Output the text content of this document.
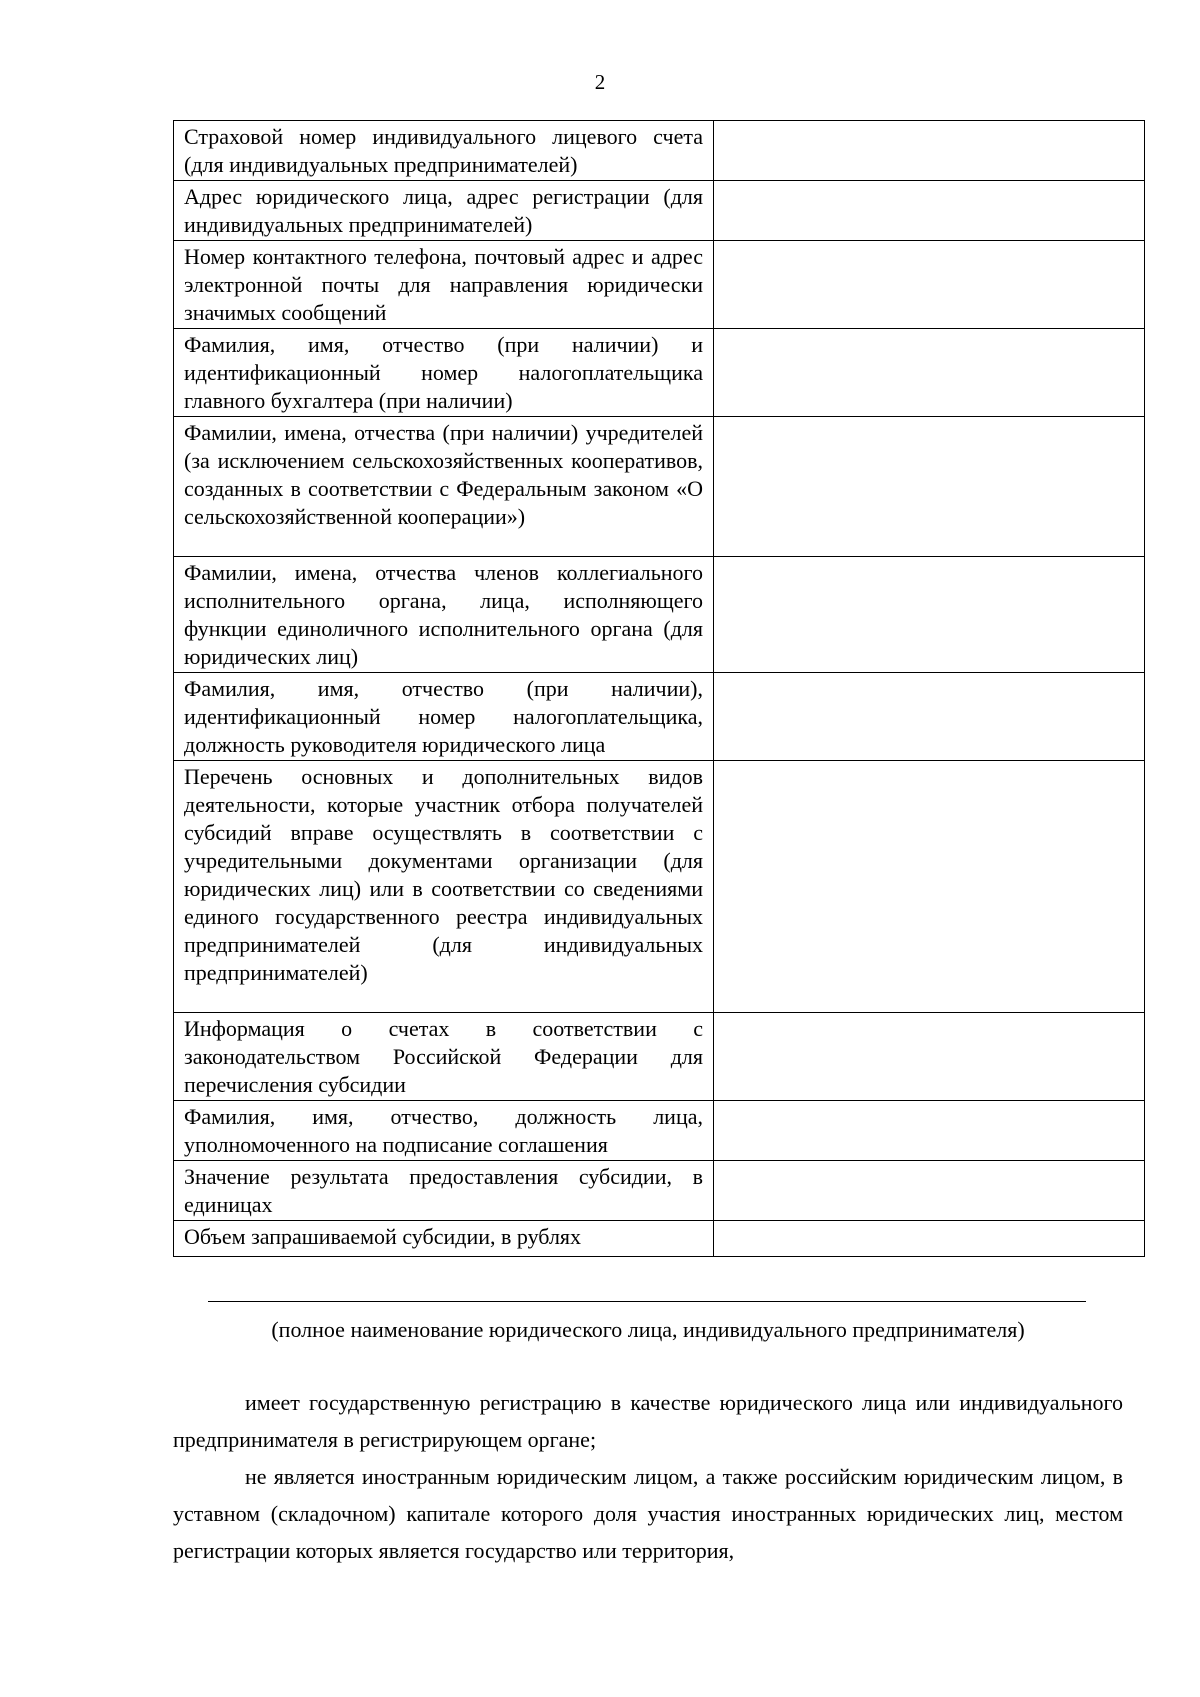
2
Страховой номер индивидуального лицевого счета (для индивидуальных предпринимателей)	
Адрес юридического лица, адрес регистрации (для индивидуальных предпринимателей)	
Номер контактного телефона, почтовый адрес и адрес электронной почты для направления юридически значимых сообщений	
Фамилия, имя, отчество (при наличии) и идентификационный номер налогоплательщика главного бухгалтера (при наличии)	
Фамилии, имена, отчества (при наличии) учредителей (за исключением сельскохозяйственных кооперативов, созданных в соответствии с Федеральным законом «О сельскохозяйственной кооперации»)	
Фамилии, имена, отчества членов коллегиального исполнительного органа, лица, исполняющего функции единоличного исполнительного органа (для юридических лиц)	
Фамилия, имя, отчество (при наличии), идентификационный номер налогоплательщика, должность руководителя юридического лица	
Перечень основных и дополнительных видов деятельности, которые участник отбора получателей субсидий вправе осуществлять в соответствии с учредительными документами организации (для юридических лиц) или в соответствии со сведениями единого государственного реестра индивидуальных предпринимателей (для индивидуальных предпринимателей)	
Информация о счетах в соответствии с законодательством Российской Федерации для перечисления субсидии	
Фамилия, имя, отчество, должность лица, уполномоченного на подписание соглашения	
Значение результата предоставления субсидии, в единицах	
Объем запрашиваемой субсидии, в рублях	
(полное наименование юридического лица, индивидуального предпринимателя)

имеет государственную регистрацию в качестве юридического лица или индивидуального предпринимателя в регистрирующем органе;

не является иностранным юридическим лицом, а также российским юридическим лицом, в уставном (складочном) капитале которого доля участия иностранных юридических лиц, местом регистрации которых является государство или территория,
